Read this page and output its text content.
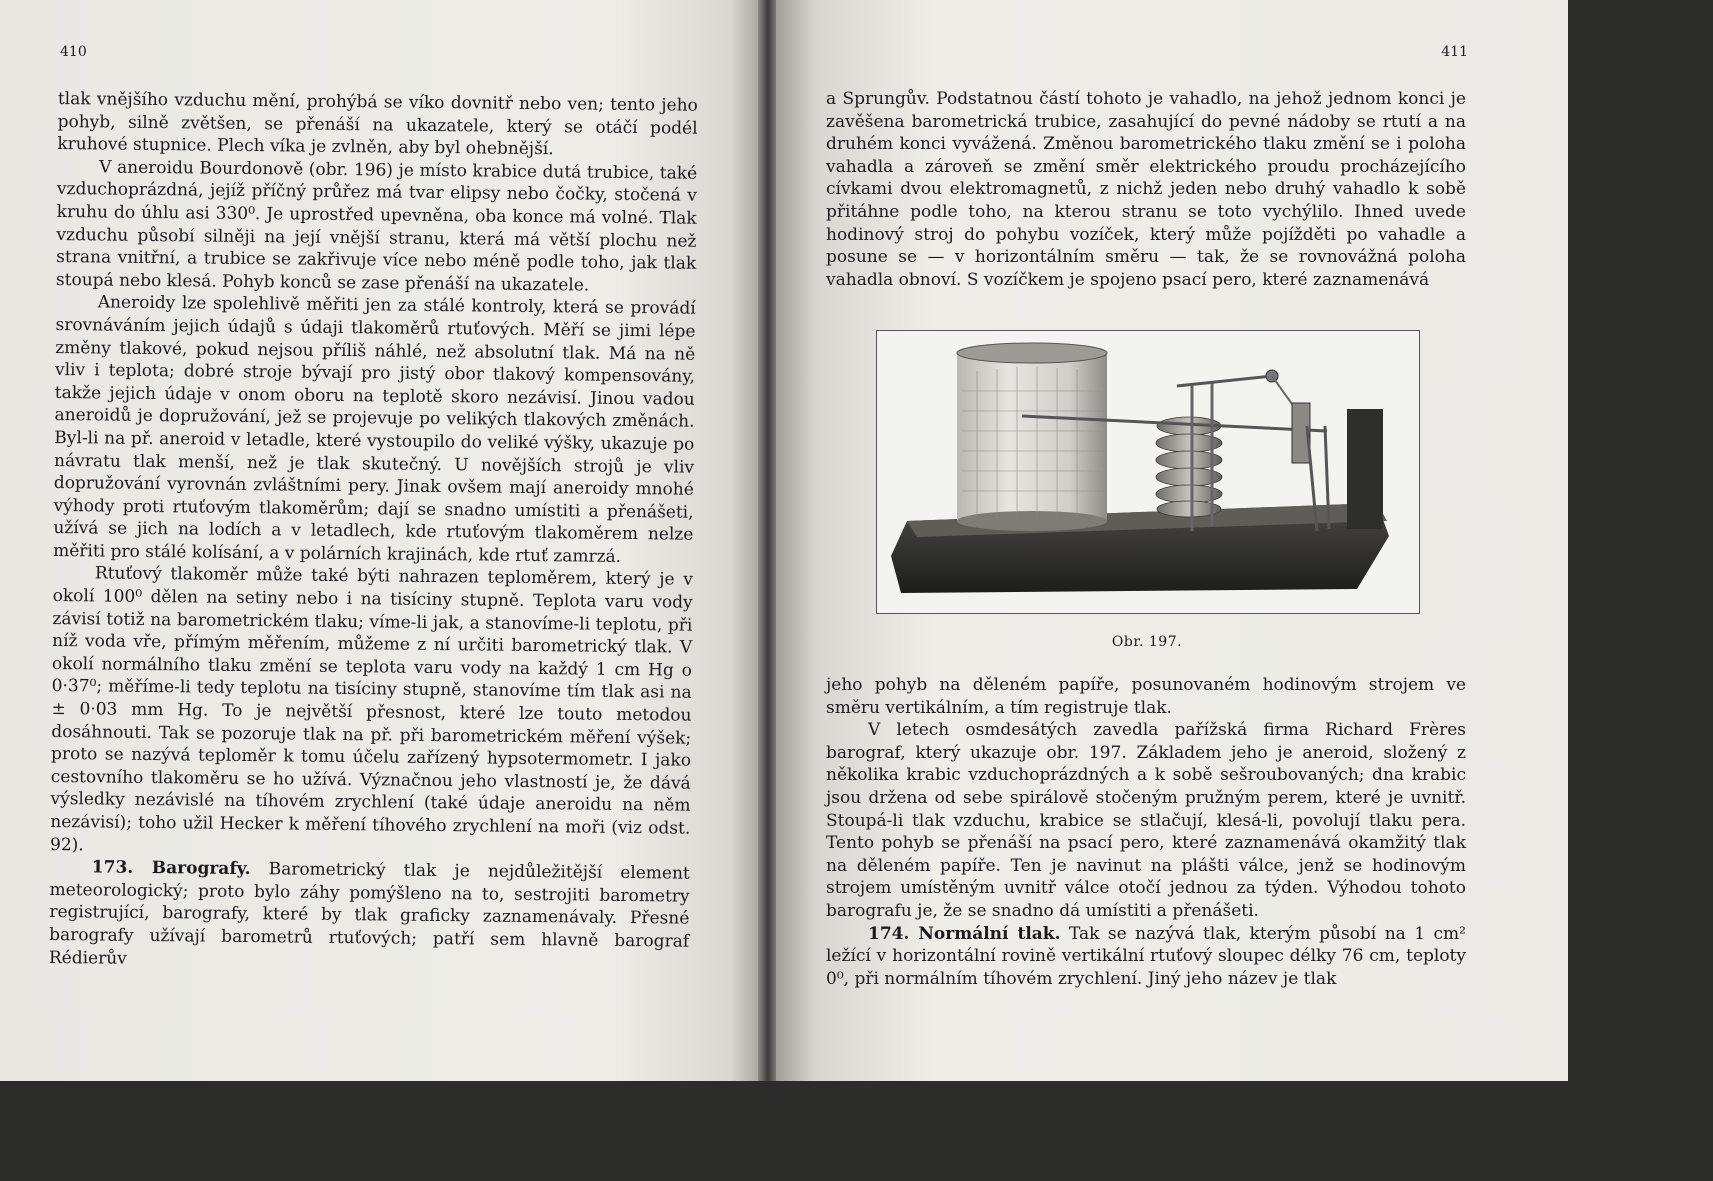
410

tlak vnějšího vzduchu mění, prohýbá se víko dovnitř nebo ven; tento jeho pohyb, silně zvětšen, se přenáší na ukazatele, který se otáčí podél kruhové stupnice. Plech víka je zvlněn, aby byl ohebnější.

V aneroidu Bourdonově (obr. 196) je místo krabice dutá trubice, také vzduchoprázdná, jejíž příčný průřez má tvar elipsy nebo čočky, stočená v kruhu do úhlu asi 330⁰. Je uprostřed upevněna, oba konce má volné. Tlak vzduchu působí silněji na její vnější stranu, která má větší plochu než strana vnitřní, a trubice se zakřivuje více nebo méně podle toho, jak tlak stoupá nebo klesá. Pohyb konců se zase přenáší na ukazatele.

Aneroidy lze spolehlivě měřiti jen za stálé kontroly, která se provádí srovnáváním jejich údajů s údaji tlakoměrů rtuťových. Měří se jimi lépe změny tlakové, pokud nejsou příliš náhlé, než absolutní tlak. Má na ně vliv i teplota; dobré stroje bývají pro jistý obor tlakový kompensovány, takže jejich údaje v onom oboru na teplotě skoro nezávisí. Jinou vadou aneroidů je dopružování, jež se projevuje po velikých tlakových změnách. Byl-li na př. aneroid v letadle, které vystoupilo do veliké výšky, ukazuje po návratu tlak menší, než je tlak skutečný. U novějších strojů je vliv dopružování vyrovnán zvláštními pery. Jinak ovšem mají aneroidy mnohé výhody proti rtuťovým tlakoměrům; dají se snadno umístiti a přenášeti, užívá se jich na lodích a v letadlech, kde rtuťovým tlakoměrem nelze měřiti pro stálé kolísání, a v polárních krajinách, kde rtuť zamrzá.

Rtuťový tlakoměr může také býti nahrazen teploměrem, který je v okolí 100⁰ dělen na setiny nebo i na tisíciny stupně. Teplota varu vody závisí totiž na barometrickém tlaku; víme-li jak, a stanovíme-li teplotu, při níž voda vře, přímým měřením, můžeme z ní určiti barometrický tlak. V okolí normálního tlaku změní se teplota varu vody na každý 1 cm Hg o 0·37⁰; měříme-li tedy teplotu na tisíciny stupně, stanovíme tím tlak asi na ± 0·03 mm Hg. To je největší přesnost, které lze touto metodou dosáhnouti. Tak se pozoruje tlak na př. při barometrickém měření výšek; proto se nazývá teploměr k tomu účelu zařízený hypsotermometr. I jako cestovního tlakoměru se ho užívá. Význačnou jeho vlastností je, že dává výsledky nezávislé na tíhovém zrychlení (také údaje aneroidu na něm nezávisí); toho užil Hecker k měření tíhového zrychlení na moři (viz odst. 92).

173. Barografy. Barometrický tlak je nejdůležitější element meteorologický; proto bylo záhy pomýšleno na to, sestrojiti barometry registrující, barografy, které by tlak graficky zaznamenávaly. Přesné barografy užívají barometrů rtuťových; patří sem hlavně barograf Rédierův

411

a Sprungův. Podstatnou částí tohoto je vahadlo, na jehož jednom konci je zavěšena barometrická trubice, zasahující do pevné nádoby se rtutí a na druhém konci vyvážená. Změnou barometrického tlaku změní se i poloha vahadla a zároveň se změní směr elektrického proudu procházejícího cívkami dvou elektromagnetů, z nichž jeden nebo druhý vahadlo k sobě přitáhne podle toho, na kterou stranu se toto vychýlilo. Ihned uvede hodinový stroj do pohybu vozíček, který může pojížděti po vahadle a posune se — v horizontálním směru — tak, že se rovnovážná poloha vahadla obnoví. S vozíčkem je spojeno psací pero, které zaznamenává

Obr. 197.

jeho pohyb na děleném papíře, posunovaném hodinovým strojem ve směru vertikálním, a tím registruje tlak.

V letech osmdesátých zavedla pařížská firma Richard Frères barograf, který ukazuje obr. 197. Základem jeho je aneroid, složený z několika krabic vzduchoprázdných a k sobě sešroubovaných; dna krabic jsou držena od sebe spirálově stočeným pružným perem, které je uvnitř. Stoupá-li tlak vzduchu, krabice se stlačují, klesá-li, povolují tlaku pera. Tento pohyb se přenáší na psací pero, které zaznamenává okamžitý tlak na děleném papíře. Ten je navinut na plášti válce, jenž se hodinovým strojem umístěným uvnitř válce otočí jednou za týden. Výhodou tohoto barografu je, že se snadno dá umístiti a přenášeti.

174. Normální tlak. Tak se nazývá tlak, kterým působí na 1 cm² ležící v horizontální rovině vertikální rtuťový sloupec délky 76 cm, teploty 0⁰, při normálním tíhovém zrychlení. Jiný jeho název je tlak
